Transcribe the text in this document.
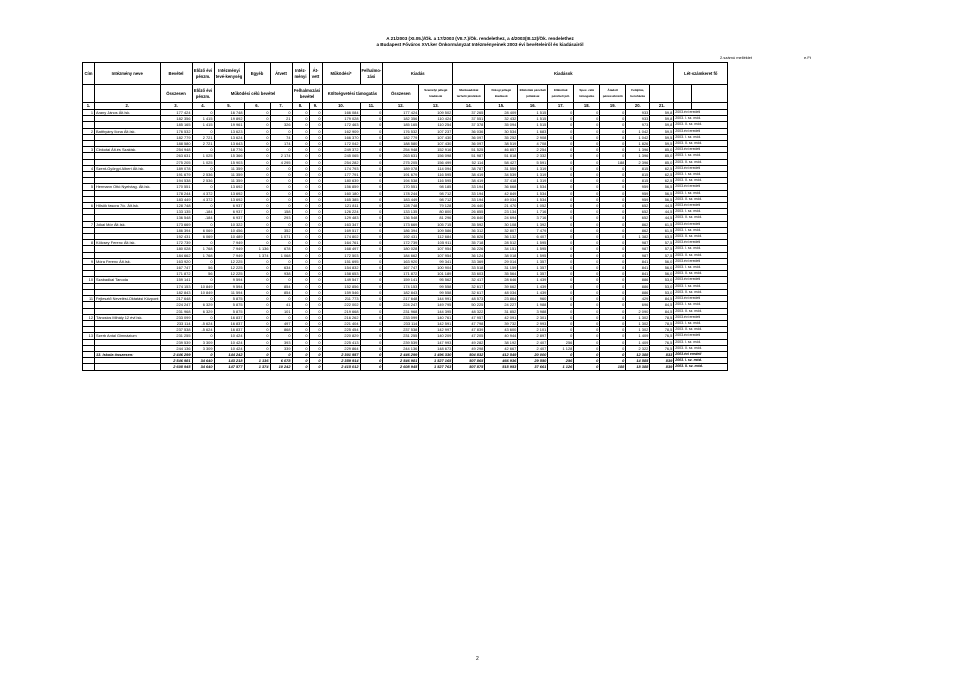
A 21/2003 (XI.05.)/Ök. a 17/2003 (VII.7.)/Ök. rendelethez, a 4/2003(III.12)/Ök. rendelethez
a Budapest Főváros XVI.ker Önkormányzat Intézményeinek 2003 évi bevételeiről és kiadásairól
2.számú melléklet	e.Ft
Cím	Intézmény neve	Bevétel	Előző évi pénzm.	Intézményi tevé-kenység	Egyéb	Átvett	Intéz-ményi	Át-vett	Működési*	Felhalmo-zási	Kiadás		Kiadások								Lét-számkeret fő	
		Összesen	Előző évi pénzm.	Működési célú bevétel			Felhalmozási bevétel		Költségvetési támogatás		Összesen	Személyi jellegű kiadások	Munkaadókat terhelő járulékok	Dologi jellegű kiadások	Ellátottak pénzbeli juttatásai	Ellátottak pénzbeli jutt.	Spec. célú támogatás	Átadott pénzeszközök	Felújítás, beruházás			
1.	2.	3.	4.	5.	6.	7.	8.	9.	10.	11.	12.	13.	14.	15.	16.	17.	18.	19.	20.	21.		
1	Arany János Ált.Isk.	177 424	0	16 748	0	0	0	0	166 084	0	177 424	109 502	37 265	28 409	1 515	0	0	0	933	59,8	2003.évi eredeti	
		182 356	1 415	19 892	0	21	0	0	179 028	0	182 356	110 424	37 551	32 432	1 515	0	0	0	933	59,8	2003. I. sz. mód.	
		185 165	1 415	19 961	0	326	0	0	172 463	0	185 165	110 254	37 378	35 094	1 515	0	0	0	973	59,8	2003. II. sz. mód.	
2	Batthyány Ilona Ált.Isk.	176 532	0	13 623	0	0	0	0	162 909	0	176 532	107 237	36 036	30 534	1 683	0	0	0	1 042	59,5	2003.évi eredeti	
		182 779	2 721	13 624	0	74	0	0	166 370	0	182 779	107 430	36 097	35 252	2 908	0	0	0	1 042	59,5	2003. I. sz. mód.	
		188 580	2 721	13 643	0	174	0	0	172 042	0	188 580	107 430	36 097	38 519	4 708	0	0	0	1 826	59,5	2003. II. sz. mód.	
3	Cinkotai Ált.és Szakisk.	254 948	0	18 776	0	0	0	0	249 372	0	254 948	152 916	51 525	46 857	2 254	0	0	0	1 396	85,0	2003.évi eredeti	
		263 631	1 025	15 366	0	2 174	0	0	245 065	0	263 631	156 098	51 987	51 818	2 332	0	0	0	1 396	85,0	2003. I. sz. mód.	
		275 205	1 025	15 903	0	4 295	0	0	254 282	0	275 205	156 499	52 114	58 427	5 591	0	0	188	2 396	85,0	2003. II. sz. mód.	
4	Szent-Györgyi Albert Ált.Isk.	189 078	0	11 359	0	0	0	0	174 793	0	189 078	114 094	38 787	31 559	1 319	0	0	0	815	62,5	2003.évi eredeti	
		191 679	2 536	11 359	0	0	0	0	177 791	0	191 679	116 595	38 419	34 539	1 319	0	0	0	815	62,5	2003. I. sz. mód.	
		194 538	2 536	11 359	0	0	0	0	180 639	0	194 538	116 595	38 419	37 418	1 319	0	0	0	815	62,5	2003. II. sz. mód.	
5	Hermann Ottó Nyelvtag. Ált.Isk.	170 551	0	13 692	0	0	0	0	156 859	0	170 551	98 185	33 194	36 668	1 534	0	0	0	959	56,5	2003.évi eredeti	
		178 244	4 372	13 692	0	0	0	0	160 180	0	178 244	98 712	33 194	42 849	1 534	0	0	0	959	56,5	2003. I. sz. mód.	
		183 449	4 372	13 692	0	0	0	0	165 385	0	183 449	98 712	33 194	49 034	1 534	0	0	0	959	56,5	2003. II. sz. mód.	
6	Hősök fasora 7/c. Ált.Isk.	128 748	0	6 937	0	0	0	0	121 811	0	128 748	79 128	26 440	21 470	1 052	0	0	0	652	44,5	2003.évi eredeti	
		133 135	-184	6 937	0	158	0	0	126 224	0	133 135	80 800	26 855	23 134	1 716	0	0	0	652	44,5	2003. I. sz. mód.	
		136 548	-184	6 937	0	293	0	0	129 483	0	136 548	81 296	26 840	24 694	3 716	0	0	0	652	44,5	2003. II. sz. mód.	
7	Jókai Mór Ált.Isk.	173 669	0	10 322	0	0	0	0	163 347	0	173 669	105 715	35 592	30 108	1 392	0	0	0	862	61,5	2003.évi eredeti	
		186 394	6 069	10 456	0	352	0	0	169 517	0	186 394	109 586	36 312	32 807	7 479	0	0	0	862	61,5	2003. I. sz. mód.	
		192 431	6 069	10 489	0	1 071	0	0	174 802	0	192 431	112 684	36 826	36 132	6 407	0	0	0	1 382	63,5	2003. II. sz. mód.	
8	Kölcsey Ferenc Ált.Isk.	172 739	0	7 949	0	0	0	0	164 761	0	172 739	105 911	35 718	28 512	1 595	0	0	0	987	57,5	2003.évi eredeti	
		180 028	1 768	7 949	1 136	678	0	0	168 497	0	180 028	107 954	36 226	34 151	1 595	0	0	0	987	57,5	2003. I. sz. mód.	
		184 662	1 768	7 949	1 374	1 068	0	0	172 503	0	184 662	107 954	36 124	38 018	1 595	0	0	0	987	57,5	2003. II. sz. mód.	
9	Móra Ferenc Ált.Isk.	163 920	0	12 225	0	0	0	0	151 695	0	163 920	99 341	33 369	29 014	1 357	0	0	0	841	56,0	2003.évi eredeti	
		167 747	56	12 225	0	634	0	0	154 832	0	167 747	100 904	33 518	31 159	1 357	0	0	0	841	56,0	2003. I. sz. mód.	
		171 872	56	12 225	0	938	0	0	158 653	0	171 872	101 189	33 603	35 564	1 357	0	0	0	841	56,0	2003. II. sz. mód.	
10	Szabadkai Tanoda	159 141	0	9 594	0	0	0	0	149 547	0	159 141	95 562	32 417	28 646	1 439	0	0	0	886	53,0	2003.évi eredeti	
		174 153	10 849	9 594	0	854	0	0	152 856	0	174 153	99 558	32 617	39 662	1 439	0	0	0	886	53,0	2003. I. sz. mód.	
		182 843	10 849	11 594	0	854	0	0	159 546	0	182 843	99 558	32 617	48 034	1 439	0	0	0	886	53,0	2003. II. sz. mód.	
11	Fejlesztő Nevelési-Oktatási Központ	217 648	0	5 875	0	0	0	0	211 773	0	217 648	144 991	48 573	23 864	960	0	0	0	429	84,5	2003.évi eredeti	
		224 247	6 329	5 875	0	41	0	0	222 002	0	224 247	149 795	50 225	24 227	1 988	0	0	0	696	84,5	2003. I. sz. mód.	
		231 968	6 329	5 875	0	101	0	0	219 668	0	231 968	144 395	48 322	31 852	3 988	0	0	0	2 090	84,5	2003. II. sz. mód.	
12	Táncsics Mihály 12 évf.Isk.	233 099	0	16 837	0	0	0	0	216 262	0	233 099	140 761	47 957	42 091	2 301	0	0	0	1 302	78,5	2003.évi eredeti	
		233 114	-5 624	16 837	0	497	0	0	221 404	0	233 114	142 591	47 798	39 732	2 993	0	0	0	1 302	78,5	2003. I. sz. mód.	
		237 538	-5 624	16 837	0	868	0	0	225 454	0	237 538	142 997	47 839	43 600	2 101	0	0	0	1 302	78,5	2003. II. sz. mód.	
13	Szerb Antal Gimnázium	231 255	0	10 424	0	0	0	0	220 829	0	231 255	140 209	47 205	40 944	2 897	0	0	0	1 409	76,5	2003.évi eredeti	
		239 539	3 309	10 424	0	393	0	0	225 413	0	239 539	147 993	49 282	38 192	2 407	256	0	0	1 409	76,5	2003. I. sz. mód.	
		244 136	3 309	10 424	0	339	0	0	229 864	0	244 136	148 673	49 298	42 667	2 407	1 128	0	0	2 322	76,5	2003. II. sz. mód.	
	13. Iskola összesen:	2 446 299	0	144 242	0	0	0	0	2 301 957	0	2 446 299	1 496 330	504 832	412 549	20 000	0	0	0	12 388	833	2003.évi eredeti	
		2 546 981	34 640	143 218	1 136	6 078	0	0	2 359 914	0	2 546 981	1 527 165	507 865	466 936	29 550	256	0	0	14 585	839	2003. I. sz. mód.	
		2 608 945	34 640	147 577	1 374	10 242	0	0	2 415 012	0	2 608 945	1 527 763	507 875	515 953	37 661	1 126	0	188	18 388	839	2003. II. sz. mód.	
2
